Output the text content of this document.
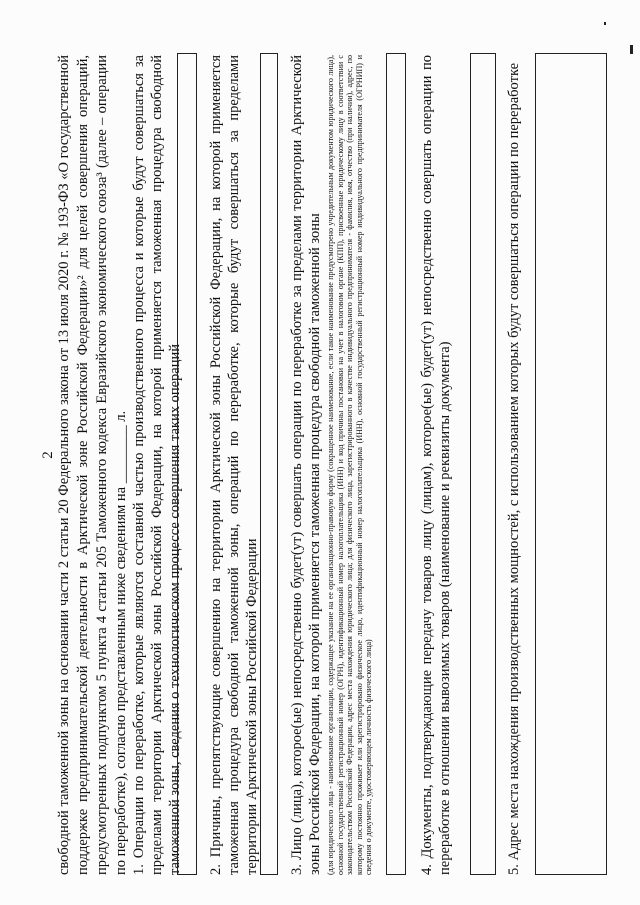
2 свободной таможенной зоны на основании части 2 статьи 20 Федерального закона от 13 июля 2020 г. № 193-ФЗ «О государственной поддержке предпринимательской деятельности в Арктической зоне Российской Федерации»² для целей совершения операций, предусмотренных подпунктом 5 пункта 4 статьи 205 Таможенного кодекса Евразийского экономического союза³ (далее – операции по переработке), согласно представленным ниже сведениям на ________ л. 1. Операции по переработке, которые являются составной частью производственного процесса и которые будут совершаться за пределами территории Арктической зоны Российской Федерации, на которой применяется таможенная процедура свободной таможенной зоны, сведения о технологическом процессе совершения таких операций 2. Причины, препятствующие совершению на территории Арктической зоны Российской Федерации, на которой применяется таможенная процедура свободной таможенной зоны, операций по переработке, которые будут совершаться за пределами территории Арктической зоны Российской Федерации 3. Лицо (лица), которое(ые) непосредственно будет(ут) совершать операции по переработке за пределами территории Арктической зоны Российской Федерации, на которой применяется таможенная процедура свободной таможенной зоны (для юридического лица - наименование организации, содержащее указание на ее организационно-правовую форму (сокращенное наименование, если такое наименование предусмотрено учредительным документом юридического лица), основной государственный регистрационный номер (ОГРН), идентификационный номер налогоплательщика (ИНН) и код причины постановки на учет в налоговом органе (КПП), присвоенные юридическому лицу в соответствии с законодательством Российской Федерации, адрес места нахождения юридического лица; для физического лица, зарегистрированного в качестве индивидуального предпринимателя - фамилия, имя, отчество (при наличии), адрес, по которому постоянно проживает или зарегистрировано физическое лицо, идентификационный номер налогоплательщика (ИНН), основной государственный регистрационный номер индивидуального предпринимателя (ОГРНИП) и сведения о документе, удостоверяющем личность физического лица)	4. Документы, подтверждающие передачу товаров лицу (лицам), которое(ые) будет(ут) непосредственно совершать операции по переработке в отношении вывозимых товаров (наименование и реквизиты документа)	5. Адрес места нахождения производственных мощностей, с использованием которых будут совершаться операции по переработке
